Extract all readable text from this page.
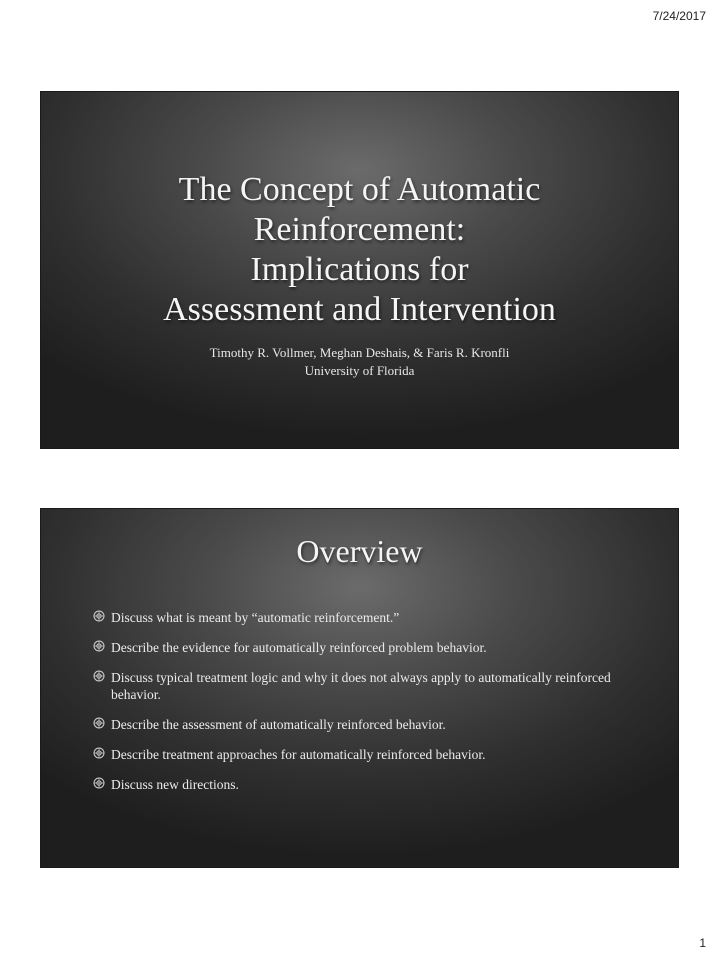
7/24/2017
The Concept of Automatic
Reinforcement:
Implications for
Assessment and Intervention
Timothy R. Vollmer, Meghan Deshais, & Faris R. Kronfli
University of Florida
Overview
Discuss what is meant by “automatic reinforcement.”
Describe the evidence for automatically reinforced problem behavior.
Discuss typical treatment logic and why it does not always apply to automatically reinforced behavior.
Describe the assessment of automatically reinforced behavior.
Describe treatment approaches for automatically reinforced behavior.
Discuss new directions.
1
